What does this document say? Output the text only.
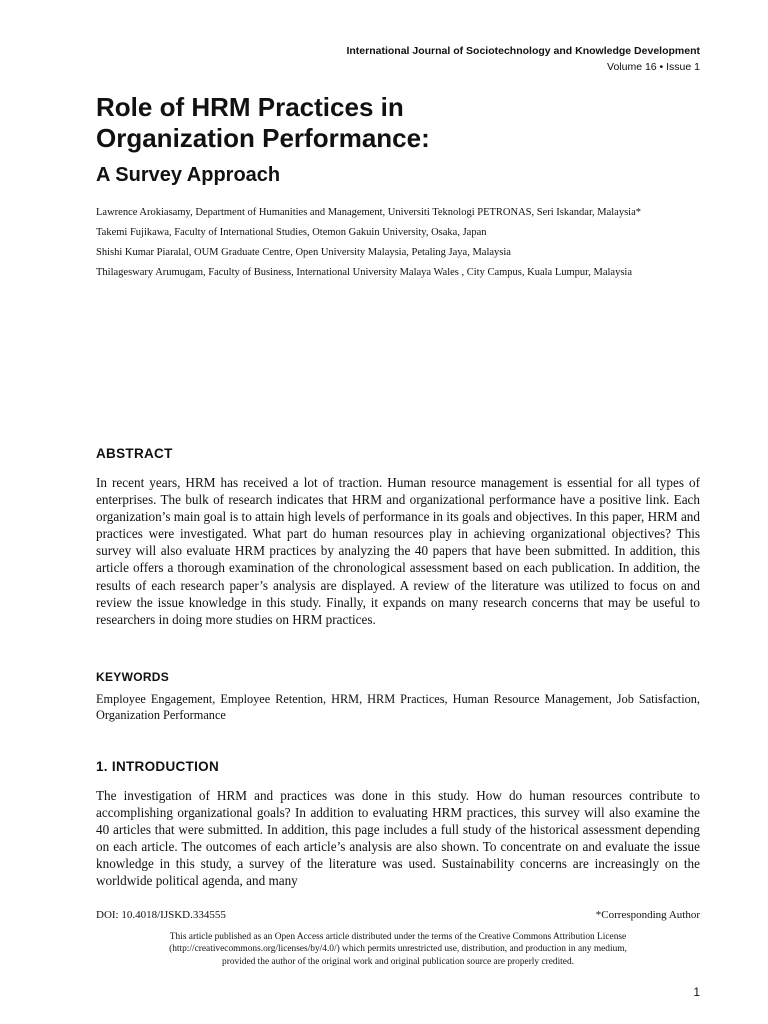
International Journal of Sociotechnology and Knowledge Development
Volume 16 • Issue 1
Role of HRM Practices in
Organization Performance:
A Survey Approach
Lawrence Arokiasamy, Department of Humanities and Management, Universiti Teknologi PETRONAS, Seri Iskandar, Malaysia*
Takemi Fujikawa, Faculty of International Studies, Otemon Gakuin University, Osaka, Japan
Shishi Kumar Piaralal, OUM Graduate Centre, Open University Malaysia, Petaling Jaya, Malaysia
Thilageswary Arumugam, Faculty of Business, International University Malaya Wales , City Campus, Kuala Lumpur, Malaysia
ABSTRACT
In recent years, HRM has received a lot of traction. Human resource management is essential for all types of enterprises. The bulk of research indicates that HRM and organizational performance have a positive link. Each organization’s main goal is to attain high levels of performance in its goals and objectives. In this paper, HRM and practices were investigated. What part do human resources play in achieving organizational objectives? This survey will also evaluate HRM practices by analyzing the 40 papers that have been submitted. In addition, this article offers a thorough examination of the chronological assessment based on each publication. In addition, the results of each research paper’s analysis are displayed. A review of the literature was utilized to focus on and review the issue knowledge in this study. Finally, it expands on many research concerns that may be useful to researchers in doing more studies on HRM practices.
KEYWORDS
Employee Engagement, Employee Retention, HRM, HRM Practices, Human Resource Management, Job Satisfaction, Organization Performance
1. INTRODUCTION
The investigation of HRM and practices was done in this study. How do human resources contribute to accomplishing organizational goals? In addition to evaluating HRM practices, this survey will also examine the 40 articles that were submitted. In addition, this page includes a full study of the historical assessment depending on each article. The outcomes of each article’s analysis are also shown. To concentrate on and evaluate the issue knowledge in this study, a survey of the literature was used. Sustainability concerns are increasingly on the worldwide political agenda, and many
DOI: 10.4018/IJSKD.334555	*Corresponding Author
This article published as an Open Access article distributed under the terms of the Creative Commons Attribution License
(http://creativecommons.org/licenses/by/4.0/) which permits unrestricted use, distribution, and production in any medium,
provided the author of the original work and original publication source are properly credited.
1
